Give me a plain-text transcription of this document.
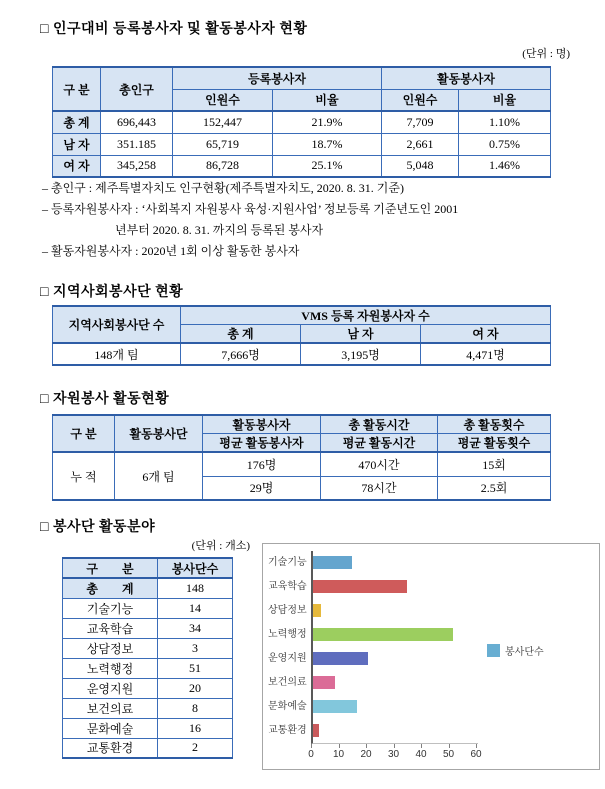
□ 인구대비 등록봉사자 및 활동봉사자 현황
(단위 : 명)
구 분	총인구	등록봉사자		활동봉사자	
		인원수	비율	인원수	비율
총 계	696,443	152,447	21.9%	7,709	1.10%
남 자	351.185	65,719	18.7%	2,661	0.75%
여 자	345,258	86,728	25.1%	5,048	1.46%
– 총인구 : 제주특별자치도 인구현황(제주특별자치도, 2020. 8. 31. 기준)
– 등록자원봉사자 : ‘사회복지 자원봉사 육성·지원사업’ 정보등록 기준년도인 2001
년부터 2020. 8. 31. 까지의 등록된 봉사자
– 활동자원봉사자 : 2020년 1회 이상 활동한 봉사자
□ 지역사회봉사단 현황
지역사회봉사단 수	VMS 등록 자원봉사자 수		
	총 계	남 자	여 자
148개 팀	7,666명	3,195명	4,471명
□ 자원봉사 활동현황
구 분	활동봉사단	활동봉사자	총 활동시간	총 활동횟수
		평균 활동봉사자	평균 활동시간	평균 활동횟수
누 적	6개 팀	176명	470시간	15회
		29명	78시간	2.5회
□ 봉사단 활동분야
(단위 : 개소)
구　　분	봉사단수
총　　계	148
기술기능	14
교육학습	34
상담정보	3
노력행정	51
운영지원	20
보건의료	8
문화예술	16
교통환경	2
기술기능
교육학습
상담정보
노력행정
운영지원
보건의료
문화예술
교통환경
0 10 20 30 40 50 60
봉사단수
